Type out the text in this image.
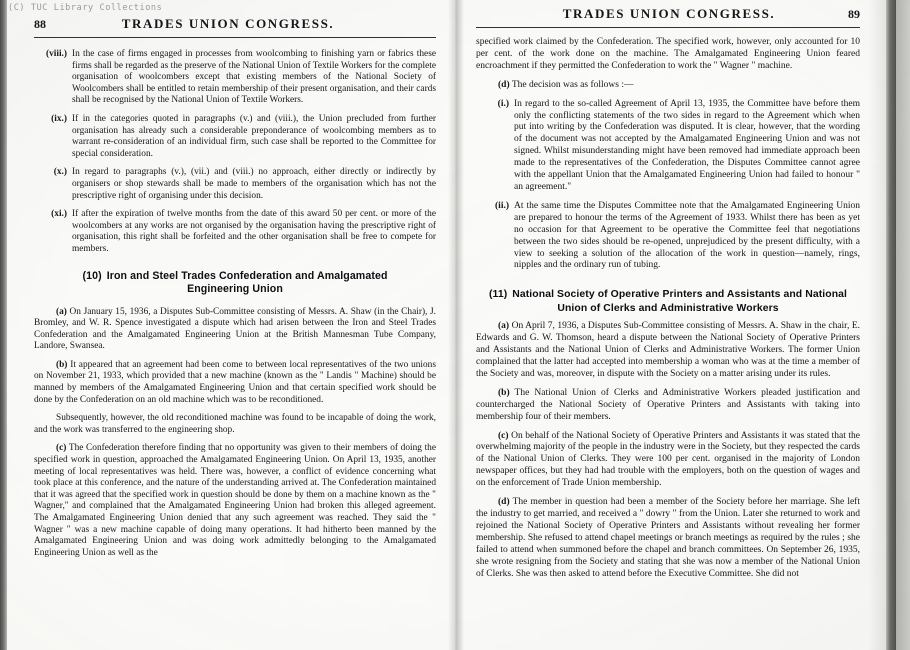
(C) TUC Library Collections
88	TRADES UNION CONGRESS.
(viii.) In the case of firms engaged in processes from woolcombing to finishing yarn or fabrics these firms shall be regarded as the preserve of the National Union of Textile Workers for the complete organisation of woolcombers except that existing members of the National Society of Woolcombers shall be entitled to retain membership of their present organisation, and their cards shall be recognised by the National Union of Textile Workers.
(ix.) If in the categories quoted in paragraphs (v.) and (viii.), the Union precluded from further organisation has already such a considerable preponderance of woolcombing members as to warrant re-consideration of an individual firm, such case shall be reported to the Committee for special consideration.
(x.) In regard to paragraphs (v.), (vii.) and (viii.) no approach, either directly or indirectly by organisers or shop stewards shall be made to members of the organisation which has not the prescriptive right of organising under this decision.
(xi.) If after the expiration of twelve months from the date of this award 50 per cent. or more of the woolcombers at any works are not organised by the organisation having the prescriptive right of organisation, this right shall be forfeited and the other organisation shall be free to compete for members.
(10) Iron and Steel Trades Confederation and Amalgamated
Engineering Union

(a) On January 15, 1936, a Disputes Sub-Committee consisting of Messrs. A. Shaw (in the Chair), J. Bromley, and W. R. Spence investigated a dispute which had arisen between the Iron and Steel Trades Confederation and the Amalgamated Engineering Union at the British Mannesman Tube Company, Landore, Swansea.

(b) It appeared that an agreement had been come to between local representatives of the two unions on November 21, 1933, which provided that a new machine (known as the " Landis " Machine) should be manned by members of the Amalgamated Engineering Union and that certain specified work should be done by the Confederation on an old machine which was to be reconditioned.

Subsequently, however, the old reconditioned machine was found to be incapable of doing the work, and the work was transferred to the engineering shop.

(c) The Confederation therefore finding that no opportunity was given to their members of doing the specified work in question, approached the Amalgamated Engineering Union. On April 13, 1935, another meeting of local representatives was held. There was, however, a conflict of evidence concerning what took place at this conference, and the nature of the understanding arrived at. The Confederation maintained that it was agreed that the specified work in question should be done by them on a machine known as the " Wagner," and complained that the Amalgamated Engineering Union had broken this alleged agreement. The Amalgamated Engineering Union denied that any such agreement was reached. They said the " Wagner " was a new machine capable of doing many operations. It had hitherto been manned by the Amalgamated Engineering Union and was doing work admittedly belonging to the Amalgamated Engineering Union as well as the

TRADES UNION CONGRESS.	89

specified work claimed by the Confederation. The specified work, however, only accounted for 10 per cent. of the work done on the machine. The Amalgamated Engineering Union feared encroachment if they permitted the Confederation to work the " Wagner " machine.

(d) The decision was as follows :—

(i.) In regard to the so-called Agreement of April 13, 1935, the Committee have before them only the conflicting statements of the two sides in regard to the Agreement which when put into writing by the Confederation was disputed. It is clear, however, that the wording of the document was not accepted by the Amalgamated Engineering Union and was not signed. Whilst misunderstanding might have been removed had immediate approach been made to the representatives of the Confederation, the Disputes Committee cannot agree with the appellant Union that the Amalgamated Engineering Union had failed to honour " an agreement."
(ii.) At the same time the Disputes Committee note that the Amalgamated Engineering Union are prepared to honour the terms of the Agreement of 1933. Whilst there has been as yet no occasion for that Agreement to be operative the Committee feel that negotiations between the two sides should be re-opened, unprejudiced by the present difficulty, with a view to seeking a solution of the allocation of the work in question—namely, rings, nipples and the ordinary run of tubing.
(11) National Society of Operative Printers and Assistants and National
Union of Clerks and Administrative Workers

(a) On April 7, 1936, a Disputes Sub-Committee consisting of Messrs. A. Shaw in the chair, E. Edwards and G. W. Thomson, heard a dispute between the National Society of Operative Printers and Assistants and the National Union of Clerks and Administrative Workers. The former Union complained that the latter had accepted into membership a woman who was at the time a member of the Society and was, moreover, in dispute with the Society on a matter arising under its rules.

(b) The National Union of Clerks and Administrative Workers pleaded justification and countercharged the National Society of Operative Printers and Assistants with taking into membership four of their members.

(c) On behalf of the National Society of Operative Printers and Assistants it was stated that the overwhelming majority of the people in the industry were in the Society, but they respected the cards of the National Union of Clerks. They were 100 per cent. organised in the majority of London newspaper offices, but they had had trouble with the employers, both on the question of wages and on the enforcement of Trade Union membership.

(d) The member in question had been a member of the Society before her marriage. She left the industry to get married, and received a " dowry " from the Union. Later she returned to work and rejoined the National Society of Operative Printers and Assistants without revealing her former membership. She refused to attend chapel meetings or branch meetings as required by the rules ; she failed to attend when summoned before the chapel and branch committees. On September 26, 1935, she wrote resigning from the Society and stating that she was now a member of the National Union of Clerks. She was then asked to attend before the Executive Committee. She did not
